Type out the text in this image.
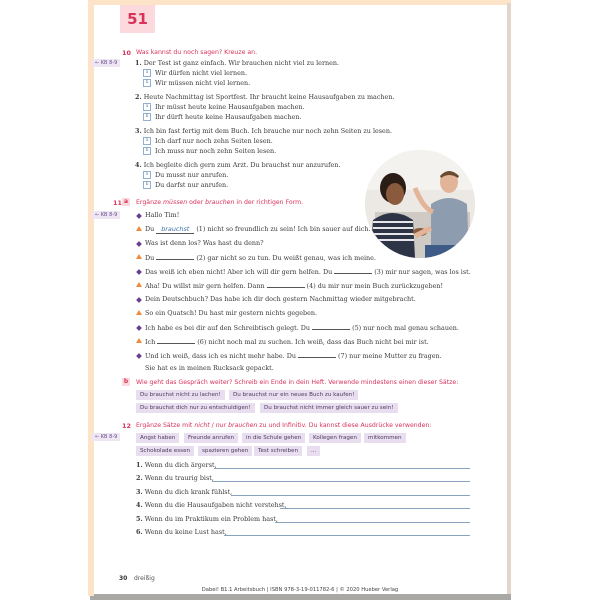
51
10 Was kannst du noch sagen? Kreuze an.
← KB 8-9	1. Der Test ist ganz einfach. Wir brauchen nicht viel zu lernen.
a	Wir dürfen nicht viel lernen.
b	Wir müssen nicht viel lernen.
2. Heute Nachmittag ist Sportfest. Ihr braucht keine Hausaufgaben zu machen.
a	Ihr müsst heute keine Hausaufgaben machen.
b	Ihr dürft heute keine Hausaufgaben machen.
3. Ich bin fast fertig mit dem Buch. Ich brauche nur noch zehn Seiten zu lesen.
a	Ich darf nur noch zehn Seiten lesen.
b	Ich muss nur noch zehn Seiten lesen.
4. Ich begleite dich gern zum Arzt. Du brauchst nur anzurufen.
a	Du musst nur anrufen.
b	Du darfst nur anrufen.
11 a	Ergänze müssen oder brauchen in der richtigen Form.
← KB 8-9	Hallo Tim!
Du brauchst (1) nicht so freundlich zu sein! Ich bin sauer auf dich.
Was ist denn los? Was hast du denn?
Du	(2) gar nicht so zu tun. Du weißt genau, was ich meine.
Das weiß ich eben nicht! Aber ich will dir gern helfen. Du	(3) mir nur sagen, was los ist.
Aha! Du willst mir gern helfen. Dann	(4) du mir nur mein Buch zurückzugeben!
Dein Deutschbuch? Das habe ich dir doch gestern Nachmittag wieder mitgebracht.
So ein Quatsch! Du hast mir gestern nichts gegeben.
Ich habe es bei dir auf den Schreibtisch gelegt. Du	(5) nur noch mal genau schauen.
Ich	(6) nicht noch mal zu suchen. Ich weiß, dass das Buch nicht bei mir ist.
Und ich weiß, dass ich es nicht mehr habe. Du	(7) nur meine Mutter zu fragen.
Sie hat es in meinen Rucksack gepackt.
b Wie geht das Gespräch weiter? Schreib ein Ende in dein Heft. Verwende mindestens einen dieser Sätze:
Du brauchst nicht zu lachen!	Du brauchst nur ein neues Buch zu kaufen!
Du brauchst dich nur zu entschuldigen!	Du brauchst nicht immer gleich sauer zu sein!
12 Ergänze Sätze mit nicht / nur brauchen zu und Infinitiv. Du kannst diese Ausdrücke verwenden:
← KB 8-9	Angst haben	Freunde anrufen	in die Schule gehen	Kollegen fragen	mitkommen
Schokolade essen	spazieren gehen	Test schreiben	...
1. Wenn du dich ärgerst,
2. Wenn du traurig bist,
3. Wenn du dich krank fühlst,
4. Wenn du die Hausaufgaben nicht verstehst,
5. Wenn du im Praktikum ein Problem hast,
6. Wenn du keine Lust hast,
30 dreißig
Dabei! B1.1 Arbeitsbuch | ISBN 978-3-19-011782-6 | © 2020 Hueber Verlag
